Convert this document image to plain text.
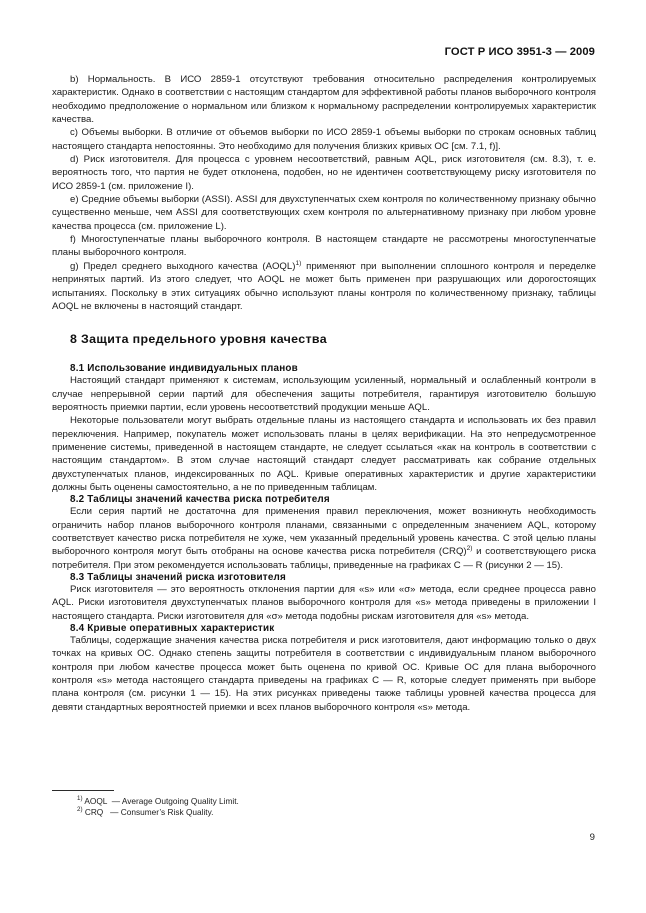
ГОСТ Р ИСО 3951-3 — 2009

b) Нормальность. В ИСО 2859-1 отсутствуют требования относительно распределения контролируемых характеристик. Однако в соответствии с настоящим стандартом для эффективной работы планов выборочного контроля необходимо предположение о нормальном или близком к нормальному распределении контролируемых характеристик качества.

c) Объемы выборки. В отличие от объемов выборки по ИСО 2859-1 объемы выборки по строкам основных таблиц настоящего стандарта непостоянны. Это необходимо для получения близких кривых ОС [см. 7.1, f)].

d) Риск изготовителя. Для процесса с уровнем несоответствий, равным AQL, риск изготовителя (см. 8.3), т. е. вероятность того, что партия не будет отклонена, подобен, но не идентичен соответствующему риску изготовителя по ИСО 2859-1 (см. приложение I).

e) Средние объемы выборки (ASSI). ASSI для двухступенчатых схем контроля по количественному признаку обычно существенно меньше, чем ASSI для соответствующих схем контроля по альтернативному признаку при любом уровне качества процесса (см. приложение L).

f) Многоступенчатые планы выборочного контроля. В настоящем стандарте не рассмотрены многоступенчатые планы выборочного контроля.

g) Предел среднего выходного качества (AOQL)$^{1)}$ применяют при выполнении сплошного контроля и переделке непринятых партий. Из этого следует, что AOQL не может быть применен при разрушающих или дорогостоящих испытаниях. Поскольку в этих ситуациях обычно используют планы контроля по количественному признаку, таблицы AOQL не включены в настоящий стандарт.

8 Защита предельного уровня качества
8.1 Использование индивидуальных планов

Настоящий стандарт применяют к системам, использующим усиленный, нормальный и ослабленный контроли в случае непрерывной серии партий для обеспечения защиты потребителя, гарантируя изготовителю большую вероятность приемки партии, если уровень несоответствий продукции меньше AQL.

Некоторые пользователи могут выбрать отдельные планы из настоящего стандарта и использовать их без правил переключения. Например, покупатель может использовать планы в целях верификации. На это непредусмотренное применение системы, приведенной в настоящем стандарте, не следует ссылаться «как на контроль в соответствии с настоящим стандартом». В этом случае настоящий стандарт следует рассматривать как собрание отдельных двухступенчатых планов, индексированных по AQL. Кривые оперативных характеристик и другие характеристики должны быть оценены самостоятельно, а не по приведенным таблицам.

8.2 Таблицы значений качества риска потребителя

Если серия партий не достаточна для применения правил переключения, может возникнуть необходимость ограничить набор планов выборочного контроля планами, связанными с определенным значением AQL, которому соответствует качество риска потребителя не хуже, чем указанный предельный уровень качества. С этой целью планы выборочного контроля могут быть отобраны на основе качества риска потребителя (CRQ)$^{2)}$ и соответствующего риска потребителя. При этом рекомендуется использовать таблицы, приведенные на графиках C — R (рисунки 2 — 15).

8.3 Таблицы значений риска изготовителя

Риск изготовителя — это вероятность отклонения партии для «s» или «σ» метода, если среднее процесса равно AQL. Риски изготовителя двухступенчатых планов выборочного контроля для «s» метода приведены в приложении I настоящего стандарта. Риски изготовителя для «σ» метода подобны рискам изготовителя для «s» метода.

8.4 Кривые оперативных характеристик

Таблицы, содержащие значения качества риска потребителя и риск изготовителя, дают информацию только о двух точках на кривых ОС. Однако степень защиты потребителя в соответствии с индивидуальным планом выборочного контроля при любом качестве процесса может быть оценена по кривой ОС. Кривые ОС для плана выборочного контроля «s» метода настоящего стандарта приведены на графиках C — R, которые следует применять при выборе плана контроля (см. рисунки 1 — 15). На этих рисунках приведены также таблицы уровней качества процесса для девяти стандартных вероятностей приемки и всех планов выборочного контроля «s» метода.

$^{1)}$ AOQL  — Average Outgoing Quality Limit.

$^{2)}$ CRQ   — Consumer’s Risk Quality.

9
